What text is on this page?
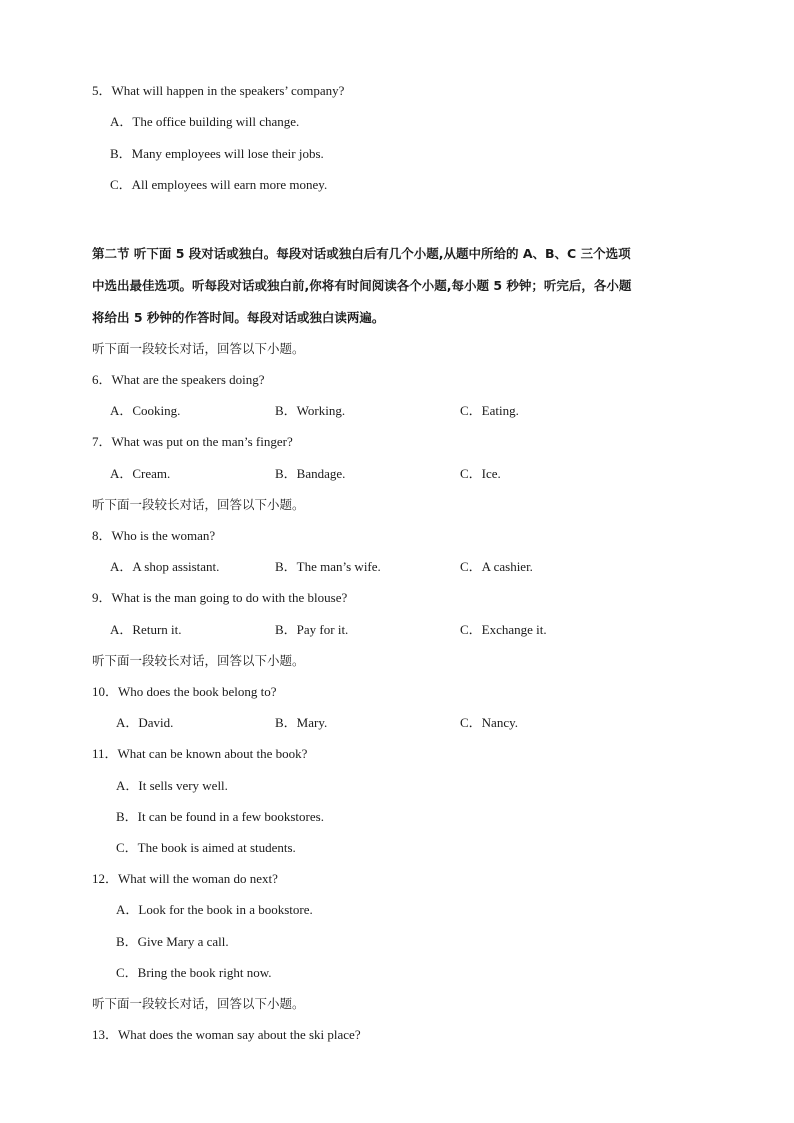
5．What will happen in the speakers’ company?
A．The office building will change.
B．Many employees will lose their jobs.
C．All employees will earn more money.
第二节 听下面 5 段对话或独白。每段对话或独白后有几个小题,从题中所给的 A、B、C 三个选项
中选出最佳选项。听每段对话或独白前,你将有时间阅读各个小题,每小题 5 秒钟；听完后，各小题
将给出 5 秒钟的作答时间。每段对话或独白读两遍。
听下面一段较长对话，回答以下小题。
6．What are the speakers doing?
A．Cooking.	B．Working.	C．Eating.
7．What was put on the man’s finger?
A．Cream.	B．Bandage.	C．Ice.
听下面一段较长对话，回答以下小题。
8．Who is the woman?
A．A shop assistant.	B．The man’s wife.	C．A cashier.
9．What is the man going to do with the blouse?
A．Return it.	B．Pay for it.	C．Exchange it.
听下面一段较长对话，回答以下小题。
10．Who does the book belong to?
A．David.	B．Mary.	C．Nancy.
11．What can be known about the book?
A．It sells very well.
B．It can be found in a few bookstores.
C．The book is aimed at students.
12．What will the woman do next?
A．Look for the book in a bookstore.
B．Give Mary a call.
C．Bring the book right now.
听下面一段较长对话，回答以下小题。
13．What does the woman say about the ski place?
